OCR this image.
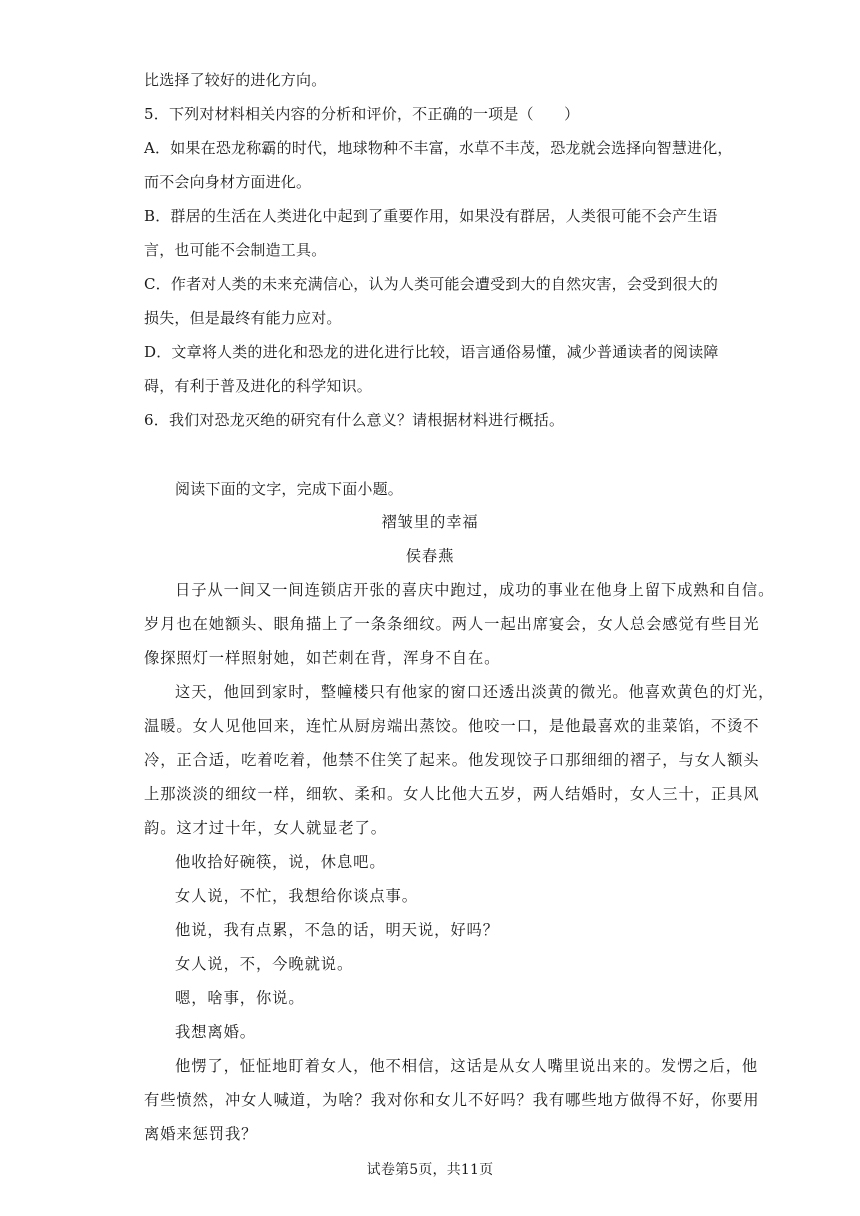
比选择了较好的进化方向。
5．下列对材料相关内容的分析和评价，不正确的一项是（　　）
A．如果在恐龙称霸的时代，地球物种不丰富，水草不丰茂，恐龙就会选择向智慧进化，
而不会向身材方面进化。
B．群居的生活在人类进化中起到了重要作用，如果没有群居，人类很可能不会产生语
言，也可能不会制造工具。
C．作者对人类的未来充满信心，认为人类可能会遭受到大的自然灾害，会受到很大的
损失，但是最终有能力应对。
D．文章将人类的进化和恐龙的进化进行比较，语言通俗易懂，减少普通读者的阅读障
碍，有利于普及进化的科学知识。
6．我们对恐龙灭绝的研究有什么意义？请根据材料进行概括。
阅读下面的文字，完成下面小题。
褶皱里的幸福
侯春燕
日子从一间又一间连锁店开张的喜庆中跑过，成功的事业在他身上留下成熟和自信。
岁月也在她额头、眼角描上了一条条细纹。两人一起出席宴会，女人总会感觉有些目光
像探照灯一样照射她，如芒刺在背，浑身不自在。
这天，他回到家时，整幢楼只有他家的窗口还透出淡黄的微光。他喜欢黄色的灯光，
温暖。女人见他回来，连忙从厨房端出蒸饺。他咬一口，是他最喜欢的韭菜馅，不烫不
冷，正合适，吃着吃着，他禁不住笑了起来。他发现饺子口那细细的褶子，与女人额头
上那淡淡的细纹一样，细软、柔和。女人比他大五岁，两人结婚时，女人三十，正具风
韵。这才过十年，女人就显老了。
他收拾好碗筷，说，休息吧。
女人说，不忙，我想给你谈点事。
他说，我有点累，不急的话，明天说，好吗？
女人说，不，今晚就说。
嗯，啥事，你说。
我想离婚。
他愣了，怔怔地盯着女人，他不相信，这话是从女人嘴里说出来的。发愣之后，他
有些愤然，冲女人喊道，为啥？我对你和女儿不好吗？我有哪些地方做得不好，你要用
离婚来惩罚我？
试卷第5页，共11页
